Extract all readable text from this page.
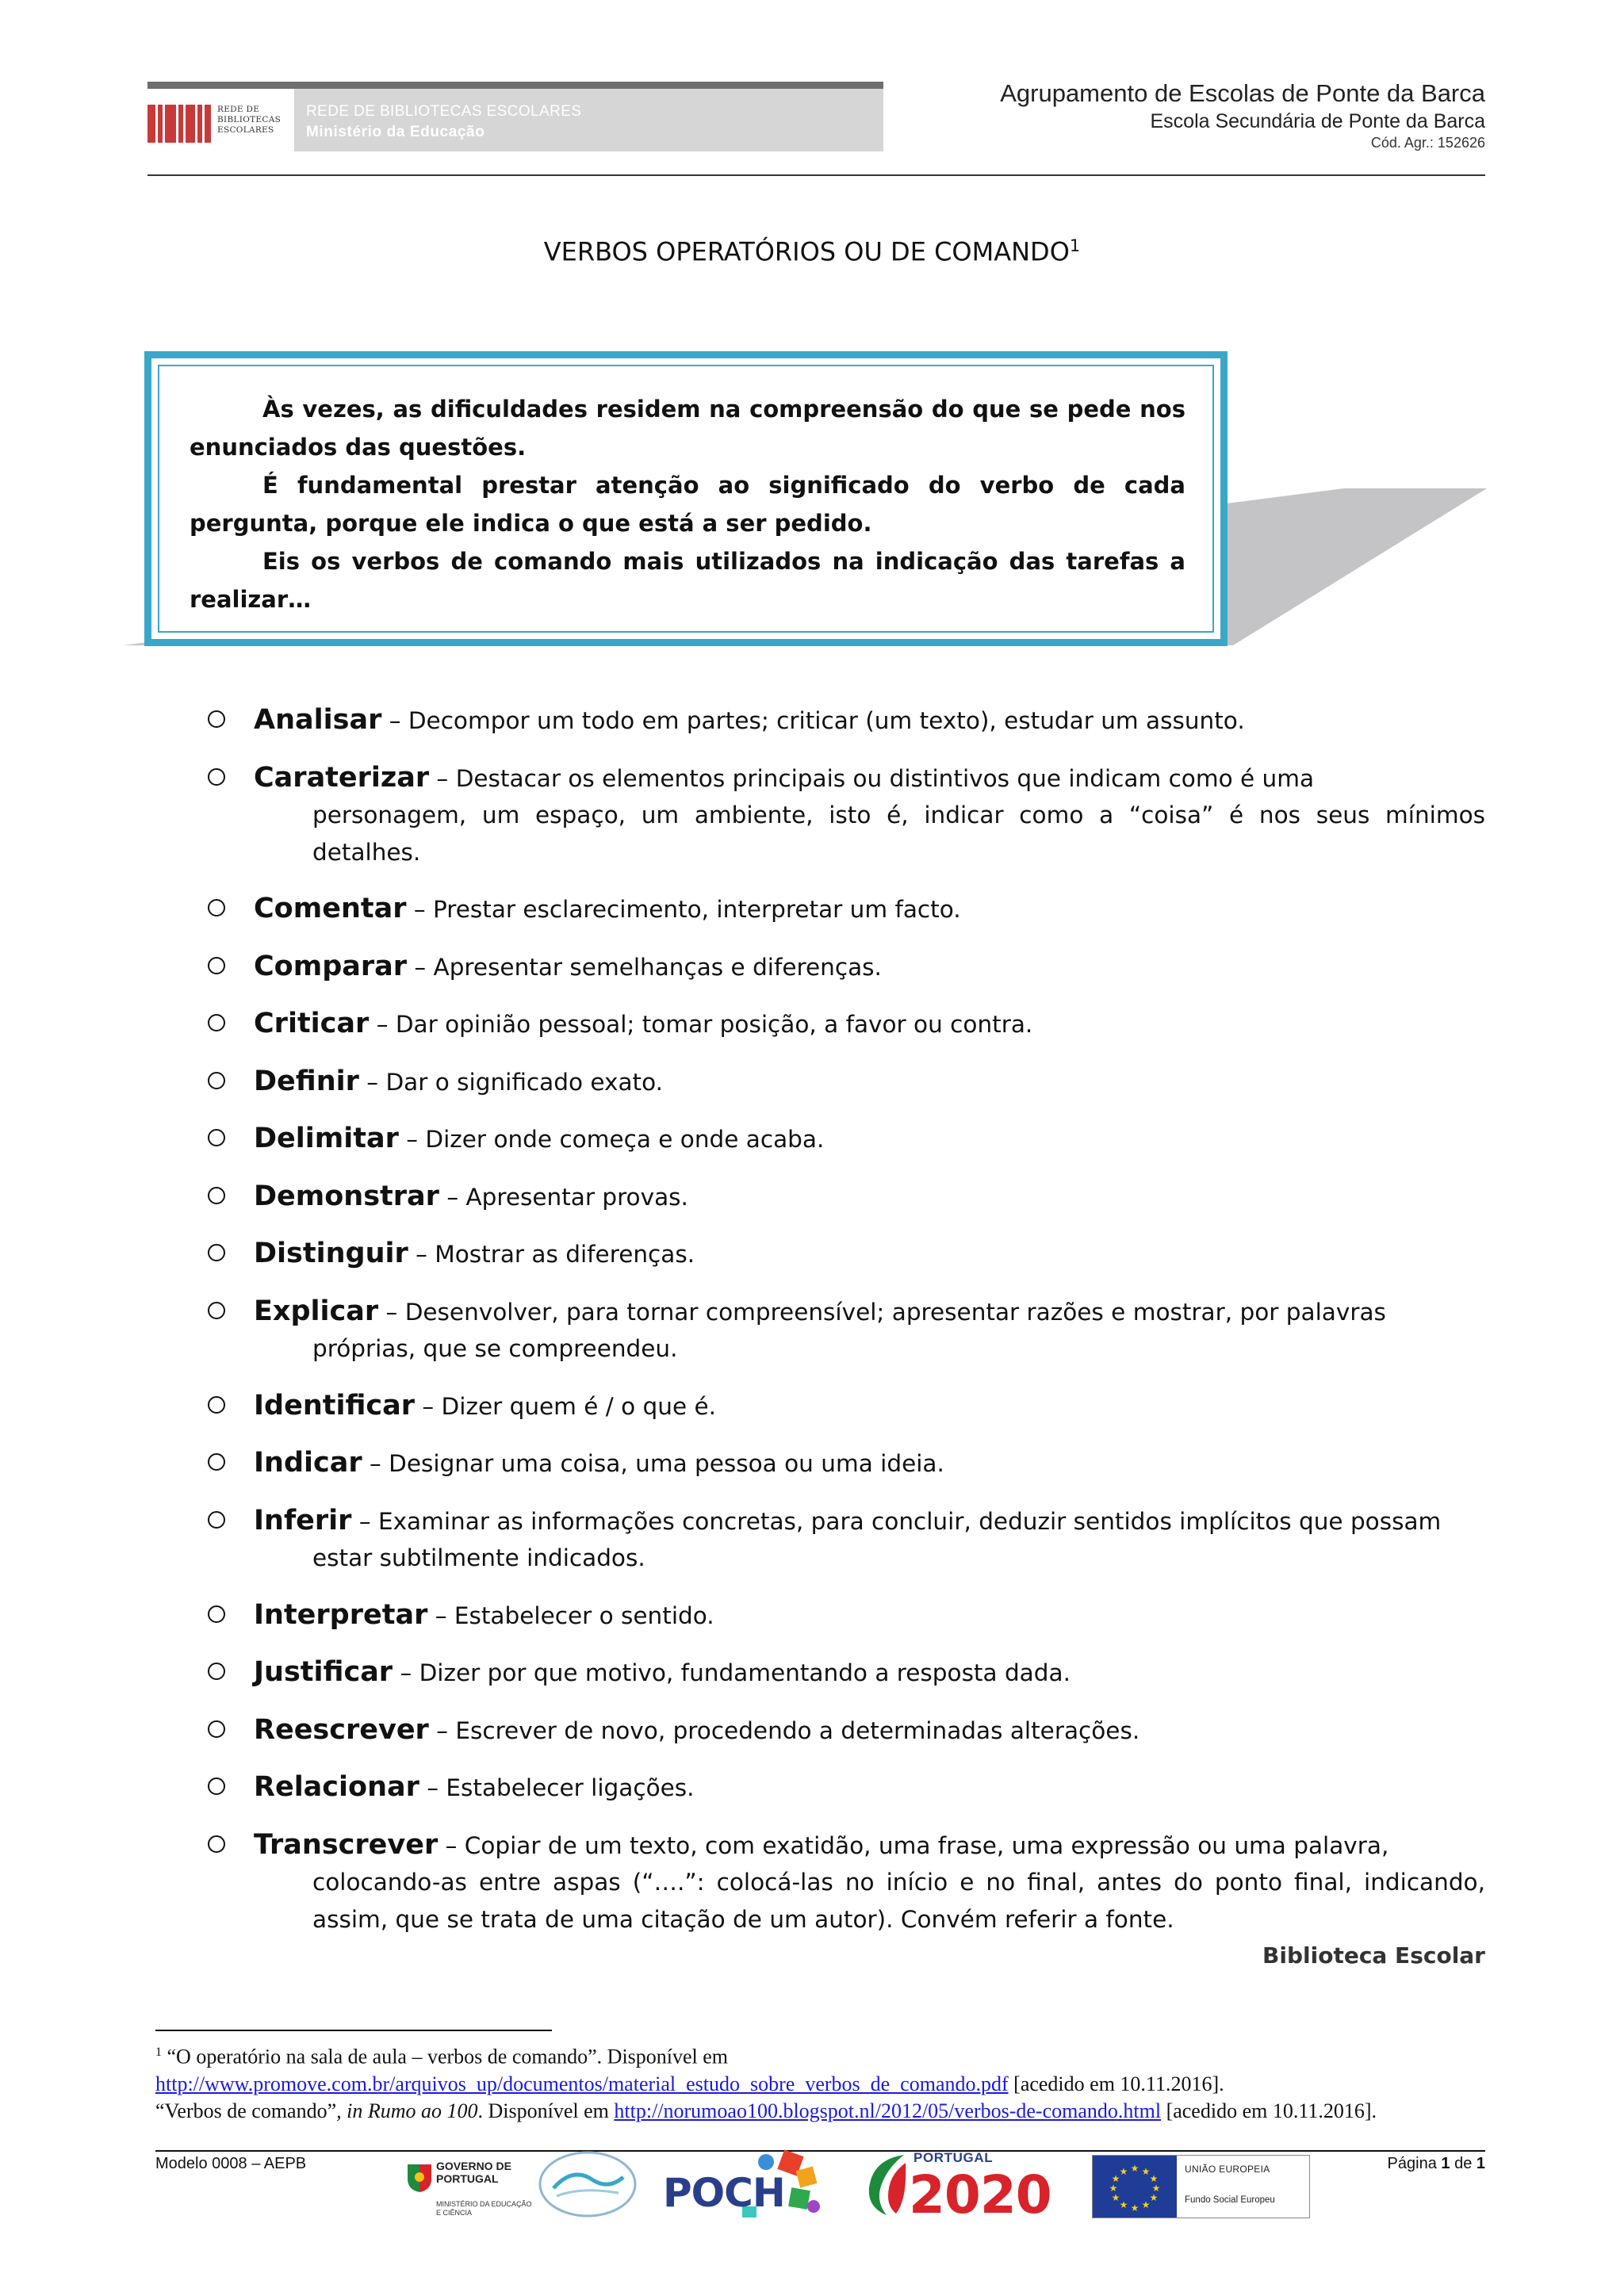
REDE DE
BIBLIOTECAS
ESCOLARES
REDE DE BIBLIOTECAS ESCOLARES
Ministério da Educação
Agrupamento de Escolas de Ponte da Barca
Escola Secundária de Ponte da Barca
Cód. Agr.: 152626
VERBOS OPERATÓRIOS OU DE COMANDO$^1$

Às vezes, as dificuldades residem na compreensão do que se pede nos enunciados das questões.

É fundamental prestar atenção ao significado do verbo de cada pergunta, porque ele indica o que está a ser pedido.

Eis os verbos de comando mais utilizados na indicação das tarefas a realizar…

Analisar – Decompor um todo em partes; criticar (um texto), estudar um assunto.
Caraterizar – Destacar os elementos principais ou distintivos que indicam como é uma
personagem, um espaço, um ambiente, isto é, indicar como a “coisa” é nos seus mínimos detalhes.
Comentar – Prestar esclarecimento, interpretar um facto.
Comparar – Apresentar semelhanças e diferenças.
Criticar – Dar opinião pessoal; tomar posição, a favor ou contra.
Definir – Dar o significado exato.
Delimitar – Dizer onde começa e onde acaba.
Demonstrar – Apresentar provas.
Distinguir – Mostrar as diferenças.
Explicar – Desenvolver, para tornar compreensível; apresentar razões e mostrar, por palavras
próprias, que se compreendeu.
Identificar – Dizer quem é / o que é.
Indicar – Designar uma coisa, uma pessoa ou uma ideia.
Inferir – Examinar as informações concretas, para concluir, deduzir sentidos implícitos que possam
estar subtilmente indicados.
Interpretar – Estabelecer o sentido.
Justificar – Dizer por que motivo, fundamentando a resposta dada.
Reescrever – Escrever de novo, procedendo a determinadas alterações.
Relacionar – Estabelecer ligações.
Transcrever – Copiar de um texto, com exatidão, uma frase, uma expressão ou uma palavra,
colocando-as entre aspas (“….”: colocá-las no início e no final, antes do ponto final, indicando, assim, que se trata de uma citação de um autor). Convém referir a fonte.
Biblioteca Escolar
$^1$ “O operatório na sala de aula – verbos de comando”. Disponível em
http://www.promove.com.br/arquivos_up/documentos/material_estudo_sobre_verbos_de_comando.pdf [acedido em 10.11.2016].
“Verbos de comando”, in Rumo ao 100. Disponível em http://norumoao100.blogspot.nl/2012/05/verbos-de-comando.html [acedido em 10.11.2016].
Modelo 0008 – AEPB	Página 1 de 1
GOVERNO DE
PORTUGAL
MINISTÉRIO DA EDUCAÇÃO
E CIÊNCIA	POCH
PORTUGAL
2020	★ ★
★
★
★
★
★
★
★
★
★
★	UNIÃO EUROPEIA
Fundo Social Europeu
